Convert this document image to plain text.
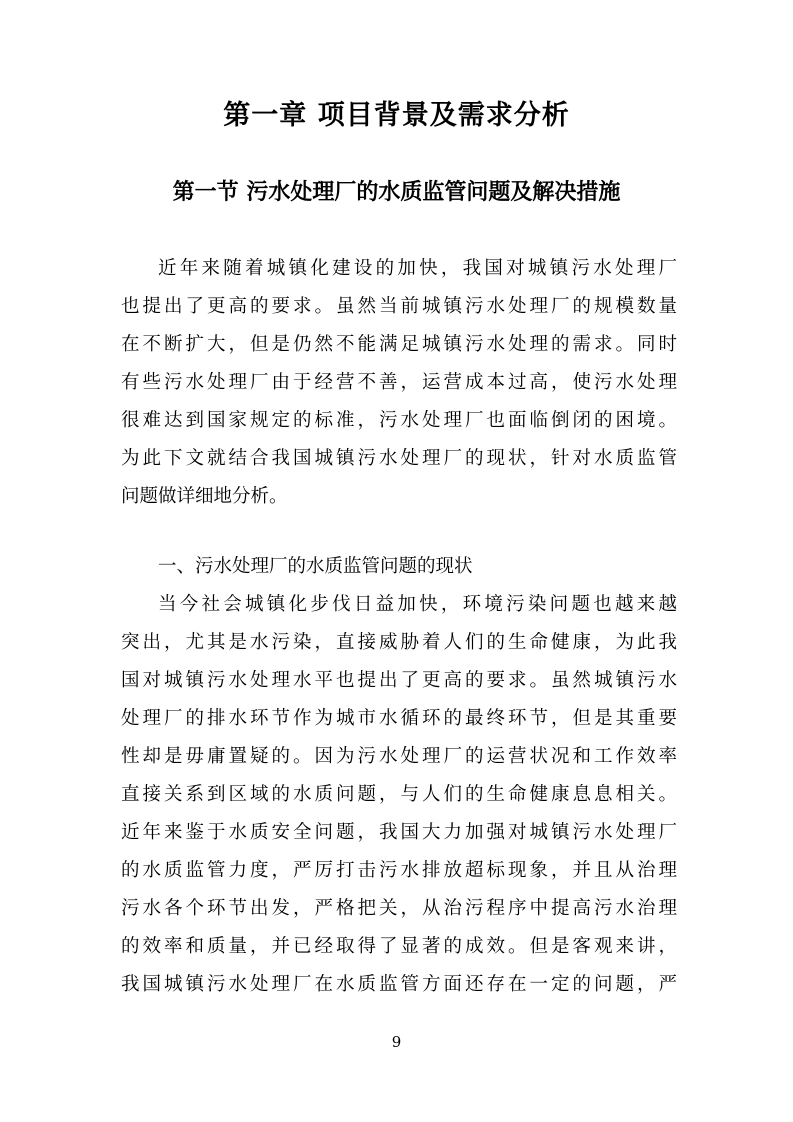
第一章 项目背景及需求分析
第一节 污水处理厂的水质监管问题及解决措施
近年来随着城镇化建设的加快，我国对城镇污水处理厂
也提出了更高的要求。虽然当前城镇污水处理厂的规模数量
在不断扩大，但是仍然不能满足城镇污水处理的需求。同时
有些污水处理厂由于经营不善，运营成本过高，使污水处理
很难达到国家规定的标准，污水处理厂也面临倒闭的困境。
为此下文就结合我国城镇污水处理厂的现状，针对水质监管
问题做详细地分析。

一、污水处理厂的水质监管问题的现状

当今社会城镇化步伐日益加快，环境污染问题也越来越
突出，尤其是水污染，直接威胁着人们的生命健康，为此我
国对城镇污水处理水平也提出了更高的要求。虽然城镇污水
处理厂的排水环节作为城市水循环的最终环节，但是其重要
性却是毋庸置疑的。因为污水处理厂的运营状况和工作效率
直接关系到区域的水质问题，与人们的生命健康息息相关。
近年来鉴于水质安全问题，我国大力加强对城镇污水处理厂
的水质监管力度，严厉打击污水排放超标现象，并且从治理
污水各个环节出发，严格把关，从治污程序中提高污水治理
的效率和质量，并已经取得了显著的成效。但是客观来讲，
我国城镇污水处理厂在水质监管方面还存在一定的问题，严

9
